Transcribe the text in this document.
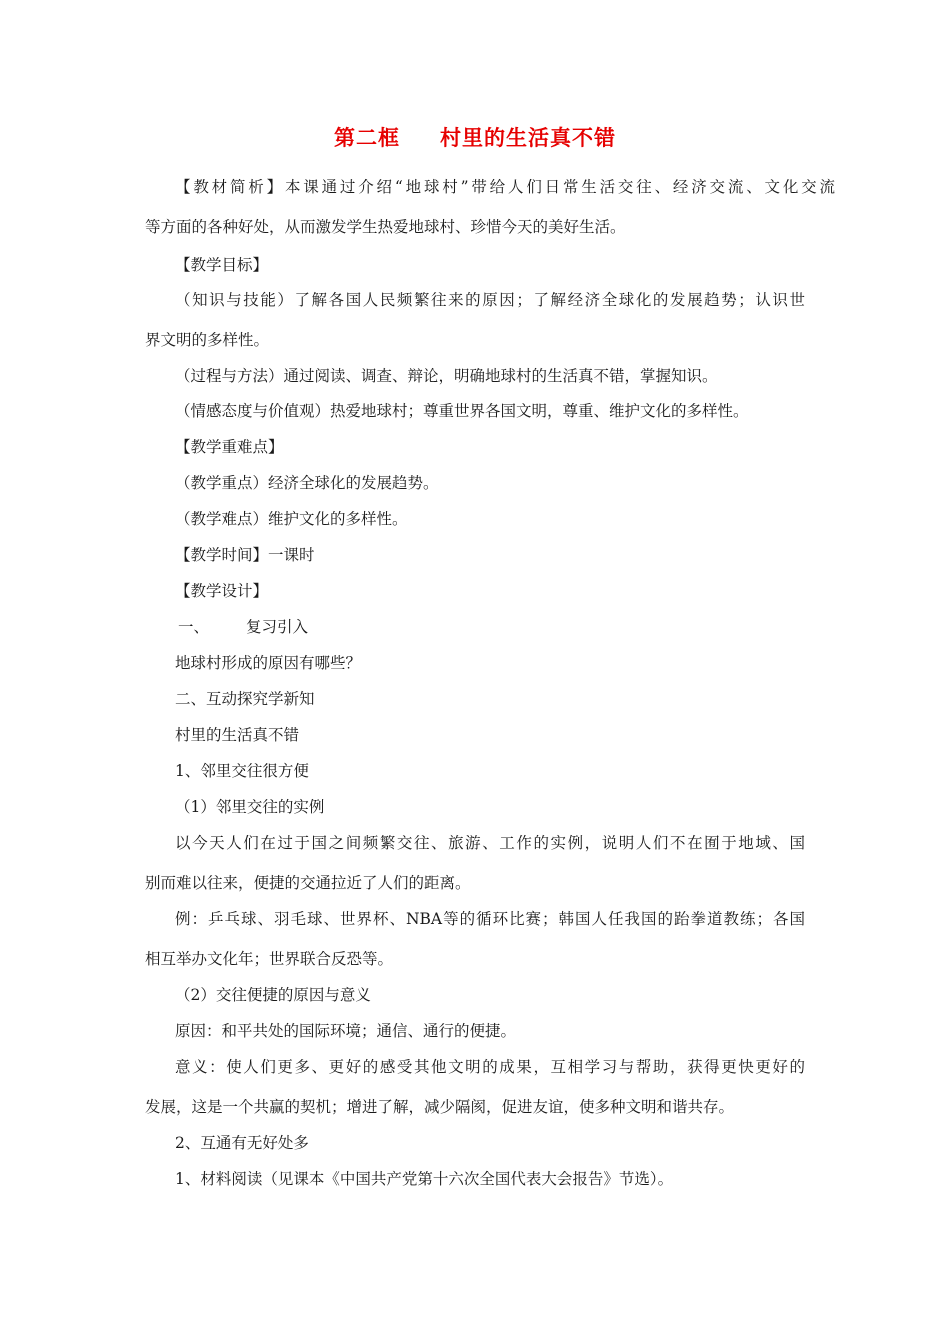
第二框 村里的生活真不错
【教材简析】本课通过介绍“地球村”带给人们日常生活交往、经济交流、文化交流
等方面的各种好处，从而激发学生热爱地球村、珍惜今天的美好生活。
【教学目标】
（知识与技能）了解各国人民频繁往来的原因；了解经济全球化的发展趋势；认识世
界文明的多样性。
（过程与方法）通过阅读、调查、辩论，明确地球村的生活真不错，掌握知识。
（情感态度与价值观）热爱地球村；尊重世界各国文明，尊重、维护文化的多样性。
【教学重难点】
（教学重点）经济全球化的发展趋势。
（教学难点）维护文化的多样性。
【教学时间】一课时
【教学设计】
一、 复习引入
地球村形成的原因有哪些？
二、互动探究学新知
村里的生活真不错
1、邻里交往很方便
（1）邻里交往的实例
以今天人们在过于国之间频繁交往、旅游、工作的实例，说明人们不在囿于地域、国
别而难以往来，便捷的交通拉近了人们的距离。
例：乒乓球、羽毛球、世界杯、NBA等的循环比赛；韩国人任我国的跆拳道教练；各国
相互举办文化年；世界联合反恐等。
（2）交往便捷的原因与意义
原因：和平共处的国际环境；通信、通行的便捷。
意义：使人们更多、更好的感受其他文明的成果，互相学习与帮助，获得更快更好的
发展，这是一个共赢的契机；增进了解，减少隔阂，促进友谊，使多种文明和谐共存。
2、互通有无好处多
1、材料阅读（见课本《中国共产党第十六次全国代表大会报告》节选）。
